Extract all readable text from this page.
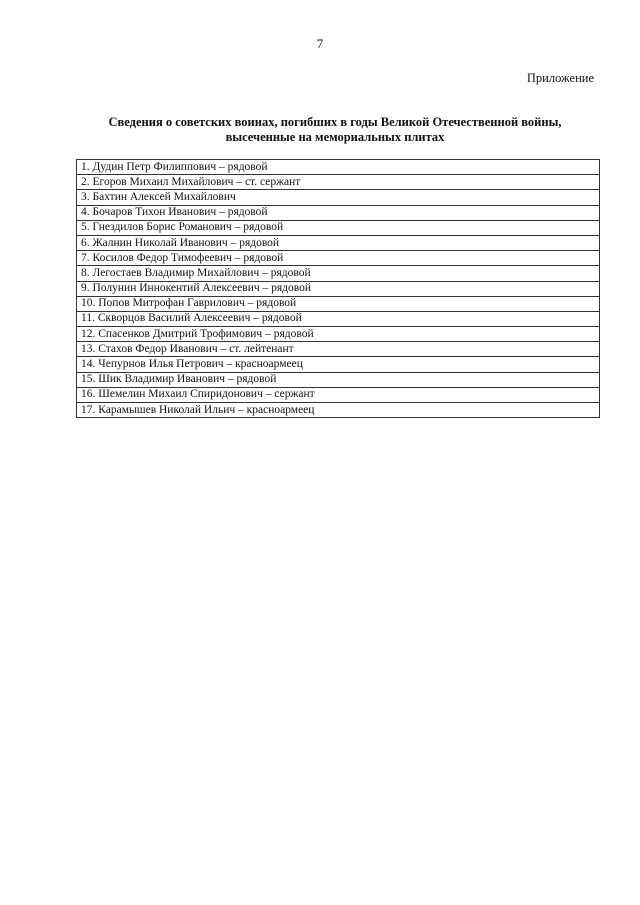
7
Приложение
Сведения о советских воинах, погибших в годы Великой Отечественной войны,
высеченные на мемориальных плитах
1. Дудин Петр Филиппович – рядовой
2. Егоров Михаил Михайлович – ст. сержант
3. Бахтин Алексей Михайлович
4. Бочаров Тихон Иванович – рядовой
5. Гнездилов Борис Романович – рядовой
6. Жалнин Николай Иванович – рядовой
7. Косилов Федор Тимофеевич – рядовой
8. Легостаев Владимир Михайлович – рядовой
9. Полунин Иннокентий Алексеевич – рядовой
10. Попов Митрофан Гаврилович – рядовой
11. Скворцов Василий Алексеевич – рядовой
12. Спасенков Дмитрий Трофимович – рядовой
13. Стахов Федор Иванович – ст. лейтенант
14. Чепурнов Илья Петрович – красноармеец
15. Шик Владимир Иванович – рядовой
16. Шемелин Михаил Спиридонович – сержант
17. Карамышев Николай Ильич – красноармеец
